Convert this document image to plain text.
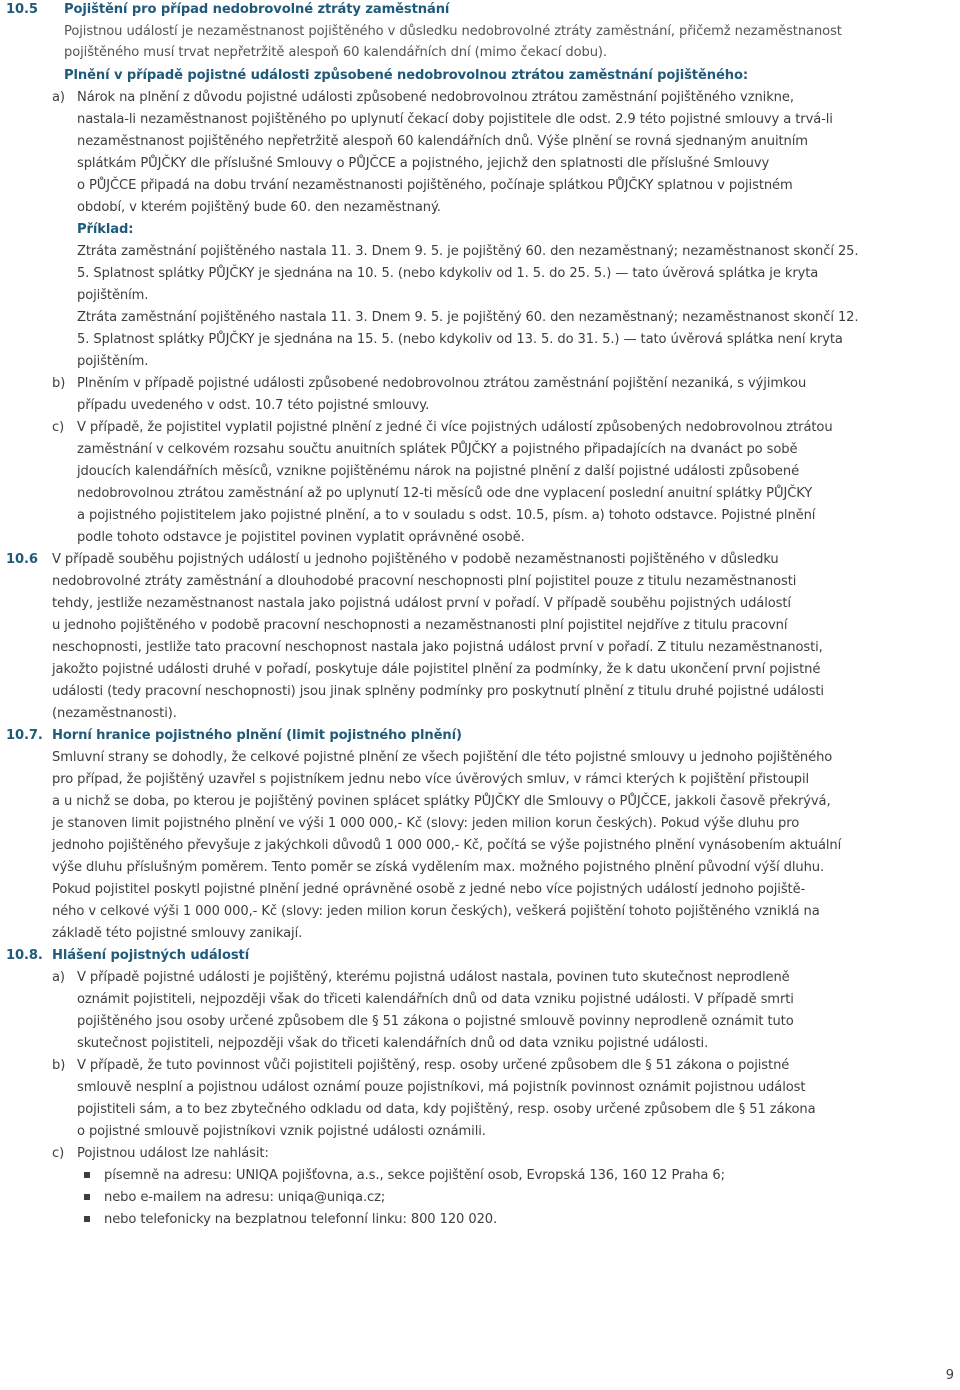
10.5 Pojištění pro případ nedobrovolné ztráty zaměstnání
Pojistnou událostí je nezaměstnanost pojištěného v důsledku nedobrovolné ztráty zaměstnání, přičemž nezaměstnanost
pojištěného musí trvat nepřetržitě alespoň 60 kalendářních dní (mimo čekací dobu).
Plnění v případě pojistné události způsobené nedobrovolnou ztrátou zaměstnání pojištěného:
a) Nárok na plnění z důvodu pojistné události způsobené nedobrovolnou ztrátou zaměstnání pojištěného vznikne,
nastala-li nezaměstnanost pojištěného po uplynutí čekací doby pojistitele dle odst. 2.9 této pojistné smlouvy a trvá-li
nezaměstnanost pojištěného nepřetržitě alespoň 60 kalendářních dnů. Výše plnění se rovná sjednaným anuitním
splátkám PŮJČKY dle příslušné Smlouvy o PŮJČCE a pojistného, jejichž den splatnosti dle příslušné Smlouvy
o PŮJČCE připadá na dobu trvání nezaměstnanosti pojištěného, počínaje splátkou PŮJČKY splatnou v pojistném
období, v kterém pojištěný bude 60. den nezaměstnaný.
Příklad:
Ztráta zaměstnání pojištěného nastala 11. 3. Dnem 9. 5. je pojištěný 60. den nezaměstnaný; nezaměstnanost skončí 25.
5. Splatnost splátky PŮJČKY je sjednána na 10. 5. (nebo kdykoliv od 1. 5. do 25. 5.) — tato úvěrová splátka je kryta
pojištěním.
Ztráta zaměstnání pojištěného nastala 11. 3. Dnem 9. 5. je pojištěný 60. den nezaměstnaný; nezaměstnanost skončí 12.
5. Splatnost splátky PŮJČKY je sjednána na 15. 5. (nebo kdykoliv od 13. 5. do 31. 5.) — tato úvěrová splátka není kryta
pojištěním.
b) Plněním v případě pojistné události způsobené nedobrovolnou ztrátou zaměstnání pojištění nezaniká, s výjimkou
případu uvedeného v odst. 10.7 této pojistné smlouvy.
c) V případě, že pojistitel vyplatil pojistné plnění z jedné či více pojistných událostí způsobených nedobrovolnou ztrátou
zaměstnání v celkovém rozsahu součtu anuitních splátek PŮJČKY a pojistného připadajících na dvanáct po sobě
jdoucích kalendářních měsíců, vznikne pojištěnému nárok na pojistné plnění z další pojistné události způsobené
nedobrovolnou ztrátou zaměstnání až po uplynutí 12-ti měsíců ode dne vyplacení poslední anuitní splátky PŮJČKY
a pojistného pojistitelem jako pojistné plnění, a to v souladu s odst. 10.5, písm. a) tohoto odstavce. Pojistné plnění
podle tohoto odstavce je pojistitel povinen vyplatit oprávněné osobě.
10.6 V případě souběhu pojistných událostí u jednoho pojištěného v podobě nezaměstnanosti pojištěného v důsledku
nedobrovolné ztráty zaměstnání a dlouhodobé pracovní neschopnosti plní pojistitel pouze z titulu nezaměstnanosti
tehdy, jestliže nezaměstnanost nastala jako pojistná událost první v pořadí. V případě souběhu pojistných událostí
u jednoho pojištěného v podobě pracovní neschopnosti a nezaměstnanosti plní pojistitel nejdříve z titulu pracovní
neschopnosti, jestliže tato pracovní neschopnost nastala jako pojistná událost první v pořadí. Z titulu nezaměstnanosti,
jakožto pojistné události druhé v pořadí, poskytuje dále pojistitel plnění za podmínky, že k datu ukončení první pojistné
události (tedy pracovní neschopnosti) jsou jinak splněny podmínky pro poskytnutí plnění z titulu druhé pojistné události
(nezaměstnanosti).
10.7. Horní hranice pojistného plnění (limit pojistného plnění)
Smluvní strany se dohodly, že celkové pojistné plnění ze všech pojištění dle této pojistné smlouvy u jednoho pojištěného
pro případ, že pojištěný uzavřel s pojistníkem jednu nebo více úvěrových smluv, v rámci kterých k pojištění přistoupil
a u nichž se doba, po kterou je pojištěný povinen splácet splátky PŮJČKY dle Smlouvy o PŮJČCE, jakkoli časově překrývá,
je stanoven limit pojistného plnění ve výši 1 000 000,- Kč (slovy: jeden milion korun českých). Pokud výše dluhu pro
jednoho pojištěného převyšuje z jakýchkoli důvodů 1 000 000,- Kč, počítá se výše pojistného plnění vynásobením aktuální
výše dluhu příslušným poměrem. Tento poměr se získá vydělením max. možného pojistného plnění původní výší dluhu.
Pokud pojistitel poskytl pojistné plnění jedné oprávněné osobě z jedné nebo více pojistných událostí jednoho pojiště-
ného v celkové výši 1 000 000,- Kč (slovy: jeden milion korun českých), veškerá pojištění tohoto pojištěného vzniklá na
základě této pojistné smlouvy zanikají.
10.8. Hlášení pojistných událostí
a) V případě pojistné události je pojištěný, kterému pojistná událost nastala, povinen tuto skutečnost neprodleně
oznámit pojistiteli, nejpozději však do třiceti kalendářních dnů od data vzniku pojistné události. V případě smrti
pojištěného jsou osoby určené způsobem dle § 51 zákona o pojistné smlouvě povinny neprodleně oznámit tuto
skutečnost pojistiteli, nejpozději však do třiceti kalendářních dnů od data vzniku pojistné události.
b) V případě, že tuto povinnost vůči pojistiteli pojištěný, resp. osoby určené způsobem dle § 51 zákona o pojistné
smlouvě nesplní a pojistnou událost oznámí pouze pojistníkovi, má pojistník povinnost oznámit pojistnou událost
pojistiteli sám, a to bez zbytečného odkladu od data, kdy pojištěný, resp. osoby určené způsobem dle § 51 zákona
o pojistné smlouvě pojistníkovi vznik pojistné události oznámili.
c) Pojistnou událost lze nahlásit:
písemně na adresu: UNIQA pojišťovna, a.s., sekce pojištění osob, Evropská 136, 160 12 Praha 6;
nebo e-mailem na adresu: uniqa@uniqa.cz;
nebo telefonicky na bezplatnou telefonní linku: 800 120 020.
9
